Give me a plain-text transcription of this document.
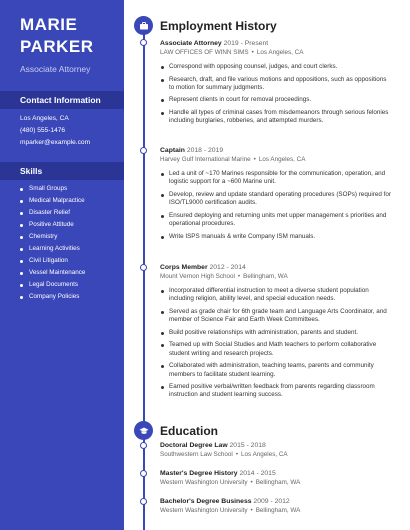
MARIE
PARKER
Associate Attorney
Contact Information
Los Angeles, CA
(480) 555-1476
mparker@example.com
Skills
Small Groups
Medical Malpractice
Disaster Relief
Positive Attitude
Chemistry
Learning Activities
Civil Litigation
Vessel Maintenance
Legal Documents
Company Policies
Employment History
Associate Attorney 2019 - Present
LAW OFFICES OF WINN SIMS • Los Angeles, CA
Correspond with opposing counsel, judges, and court clerks.
Research, draft, and file various motions and oppositions, such as oppositions to motion for summary judgments.
Represent clients in court for removal proceedings.
Handle all types of criminal cases from misdemeanors through serious felonies including burglaries, robberies, and attempted murders.
Captain 2018 - 2019
Harvey Gulf International Marine • Los Angeles, CA
Led a unit of ~170 Marines responsible for the communication, operation, and logistic support for a ~600 Marine unit.
Develop, review and update standard operating procedures (SOPs) required for ISO/TL9000 certification audits.
Ensured deploying and returning units met upper management s priorities and operational procedures.
Write ISPS manuals & write Company ISM manuals.
Corps Member 2012 - 2014
Mount Vernon High School • Bellingham, WA
Incorporated differential instruction to meet a diverse student population including religion, ability level, and special education needs.
Served as grade chair for 6th grade team and Language Arts Coordinator, and member of Science Fair and Earth Week Committees.
Build positive relationships with administration, parents and student.
Teamed up with Social Studies and Math teachers to perform collaborative student writing and research projects.
Collaborated with administration, teaching teams, parents and community members to facilitate student learning.
Earned positive verbal/written feedback from parents regarding classroom instruction and student learning success.
Education
Doctoral Degree Law 2015 - 2018
Southwestern Law School • Los Angeles, CA
Master's Degree History 2014 - 2015
Western Washington University • Bellingham, WA
Bachelor's Degree Business 2009 - 2012
Western Washington University • Bellingham, WA
